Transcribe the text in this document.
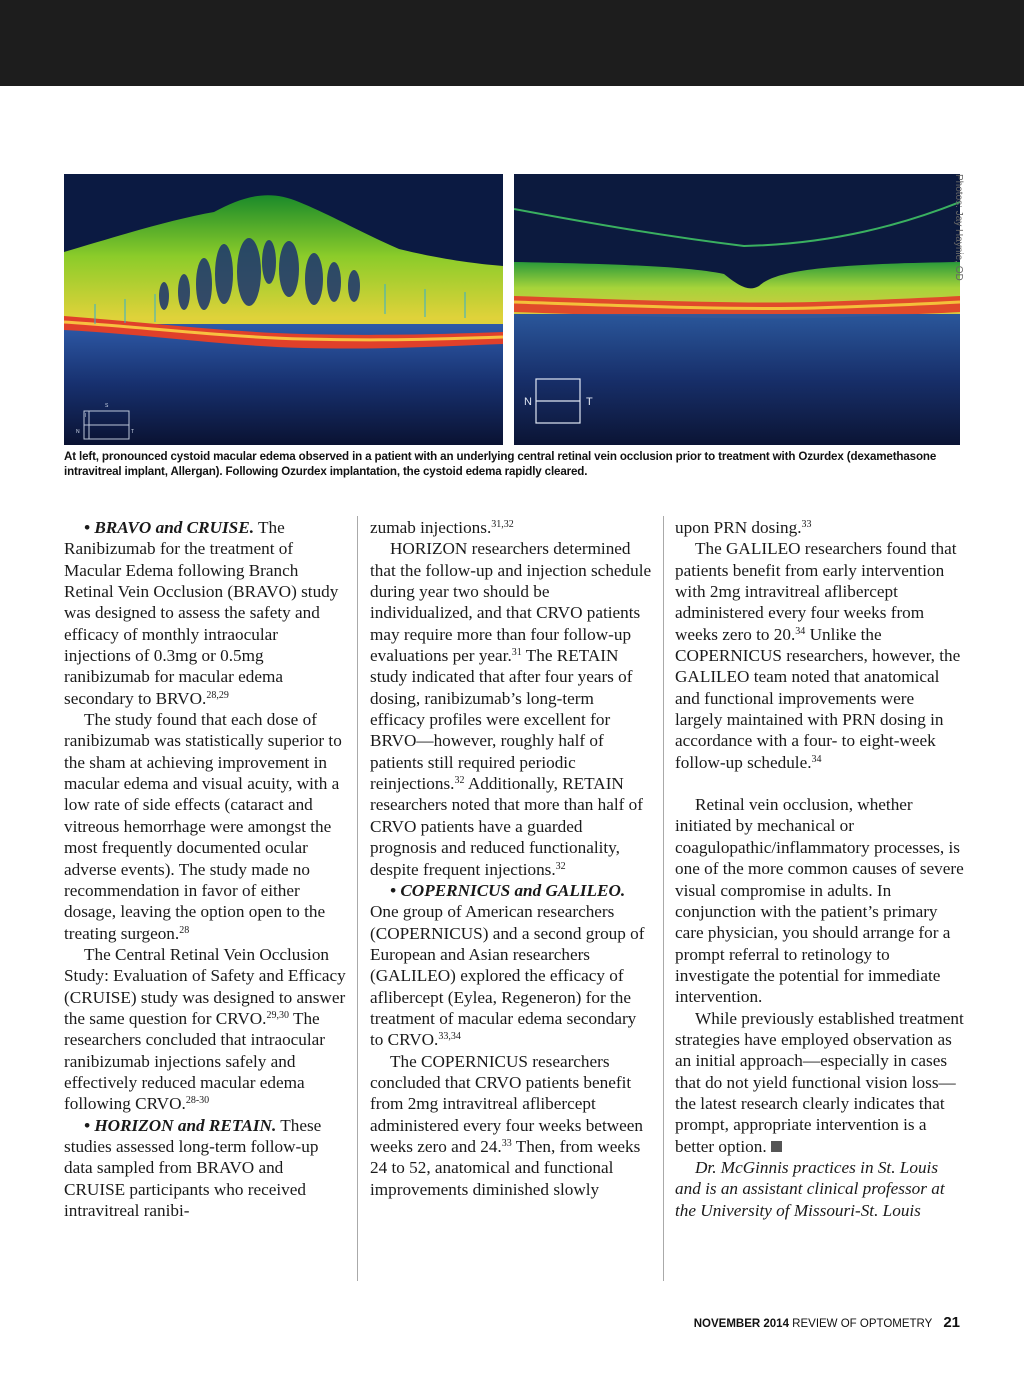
S
I
N	T
N	T
Photos: Jay Haynie, OD
At left, pronounced cystoid macular edema observed in a patient with an underlying central retinal vein occlusion prior to treatment with Ozurdex (dexamethasone intravitreal implant, Allergan). Following Ozurdex implantation, the cystoid edema rapidly cleared.

• BRAVO and CRUISE. The Ranibizumab for the treatment of Macular Edema following Branch Retinal Vein Occlusion (BRAVO) study was designed to assess the safety and efficacy of monthly intraocular injections of 0.3mg or 0.5mg ranibizumab for macular edema secondary to BRVO.$^{28,29}$

The study found that each dose of ranibizumab was statistically superior to the sham at achieving improvement in macular edema and visual acuity, with a low rate of side effects (cataract and vitreous hemorrhage were amongst the most frequently documented ocular adverse events). The study made no recommendation in favor of either dosage, leaving the option open to the treating surgeon.$^{28}$

The Central Retinal Vein Occlusion Study: Evaluation of Safety and Efficacy (CRUISE) study was designed to answer the same question for CRVO.$^{29,30}$ The researchers concluded that intraocular ranibizumab injections safely and effectively reduced macular edema following CRVO.$^{28-30}$

• HORIZON and RETAIN. These studies assessed long-term follow-up data sampled from BRAVO and CRUISE participants who received intravitreal ranibi-

zumab injections.$^{31,32}$

HORIZON researchers determined that the follow-up and injection schedule during year two should be individualized, and that CRVO patients may require more than four follow-up evaluations per year.$^{31}$ The RETAIN study indicated that after four years of dosing, ranibizumab’s long-term efficacy profiles were excellent for BRVO—however, roughly half of patients still required periodic reinjections.$^{32}$ Additionally, RETAIN researchers noted that more than half of CRVO patients have a guarded prognosis and reduced functionality, despite frequent injections.$^{32}$

• COPERNICUS and GALILEO. One group of American researchers (COPERNICUS) and a second group of European and Asian researchers (GALILEO) explored the efficacy of aflibercept (Eylea, Regeneron) for the treatment of macular edema secondary to CRVO.$^{33,34}$

The COPERNICUS researchers concluded that CRVO patients benefit from 2mg intravitreal aflibercept administered every four weeks between weeks zero and 24.33 Then, from weeks 24 to 52, anatomical and functional improvements diminished slowly

upon PRN dosing.$^{33}$

The GALILEO researchers found that patients benefit from early intervention with 2mg intravitreal aflibercept administered every four weeks from weeks zero to 20.34 Unlike the COPERNICUS researchers, however, the GALILEO team noted that anatomical and functional improvements were largely maintained with PRN dosing in accordance with a four- to eight-week follow-up schedule.$^{34}$

Retinal vein occlusion, whether initiated by mechanical or coagulopathic/inflammatory processes, is one of the more common causes of severe visual compromise in adults. In conjunction with the patient’s primary care physician, you should arrange for a prompt referral to retinology to investigate the potential for immediate intervention.

While previously established treatment strategies have employed observation as an initial approach—especially in cases that do not yield functional vision loss—the latest research clearly indicates that prompt, appropriate intervention is a better option.

Dr. McGinnis practices in St. Louis and is an assistant clinical professor at the University of Missouri-St. Louis

NOVEMBER 2014 REVIEW OF OPTOMETRY 21
